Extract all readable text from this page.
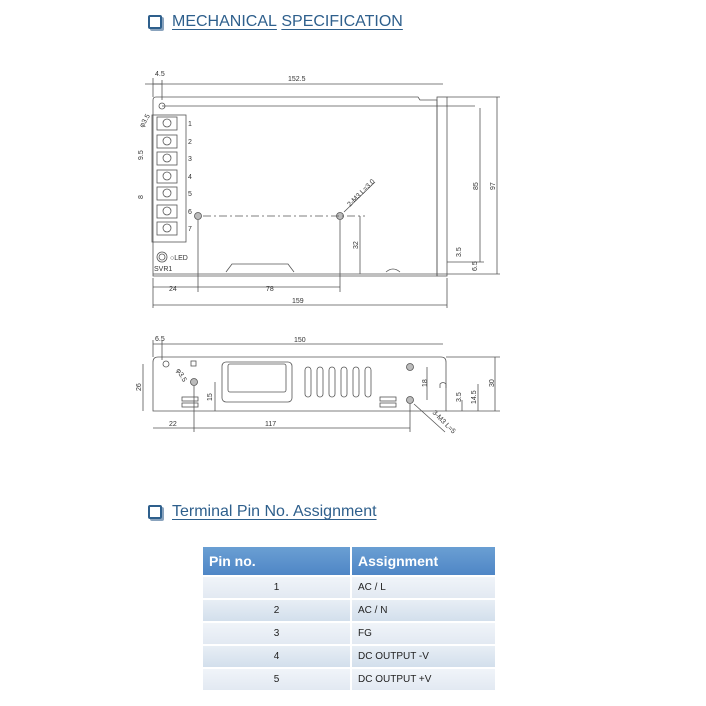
MECHANICAL
SPECIFICATION
4.5
152.5
φ3.5
9.5
8
1
2
3
4
5
6
7
○LED
SVR1
2-M3 L=3.0
32
85 97
3.5
6.5
24	78
159
6.5	150
26
φ3.5
15
22	117
18
3.5 14.5
30
3-M3 L=5
Terminal Pin No. Assignment
Pin no.	Assignment
1	AC / L
2	AC / N
3	FG
4	DC OUTPUT -V
5	DC OUTPUT +V
